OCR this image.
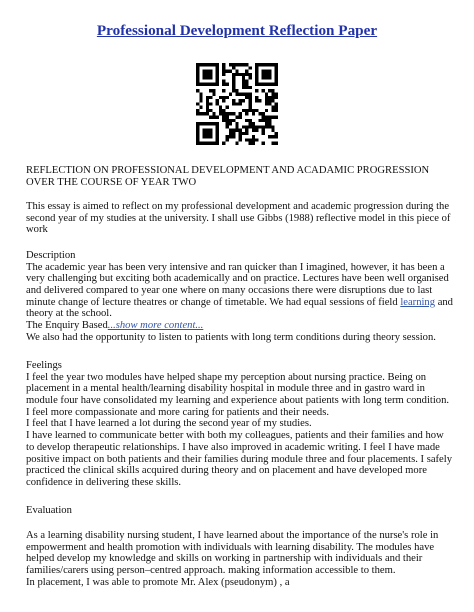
Professional Development Reflection Paper
REFLECTION ON PROFESSIONAL DEVELOPMENT AND ACADAMIC PROGRESSION
OVER THE COURSE OF YEAR TWO
This essay is aimed to reflect on my professional development and academic progression during the
second year of my studies at the university. I shall use Gibbs (1988) reflective model in this piece of
work
Description
The academic year has been very intensive and ran quicker than I imagined, however, it has been a
very challenging but exciting both academically and on practice. Lectures have been well organised
and delivered compared to year one where on many occasions there were disruptions due to last
minute change of lecture theatres or change of timetable. We had equal sessions of field learning and
theory at the school.
The Enquiry Based...show more content...
We also had the opportunity to listen to patients with long term conditions during theory session.
Feelings
I feel the year two modules have helped shape my perception about nursing practice. Being on
placement in a mental health/learning disability hospital in module three and in gastro ward in
module four have consolidated my learning and experience about patients with long term condition.
I feel more compassionate and more caring for patients and their needs.
I feel that I have learned a lot during the second year of my studies.
I have learned to communicate better with both my colleagues, patients and their families and how
to develop therapeutic relationships. I have also improved in academic writing. I feel I have made
positive impact on both patients and their families during module three and four placements. I safely
practiced the clinical skills acquired during theory and on placement and have developed more
confidence in delivering these skills.
Evaluation
As a learning disability nursing student, I have learned about the importance of the nurse's role in
empowerment and health promotion with individuals with learning disability. The modules have
helped develop my knowledge and skills on working in partnership with individuals and their
families/carers using person–centred approach. making information accessible to them.
In placement, I was able to promote Mr. Alex (pseudonym) , a
